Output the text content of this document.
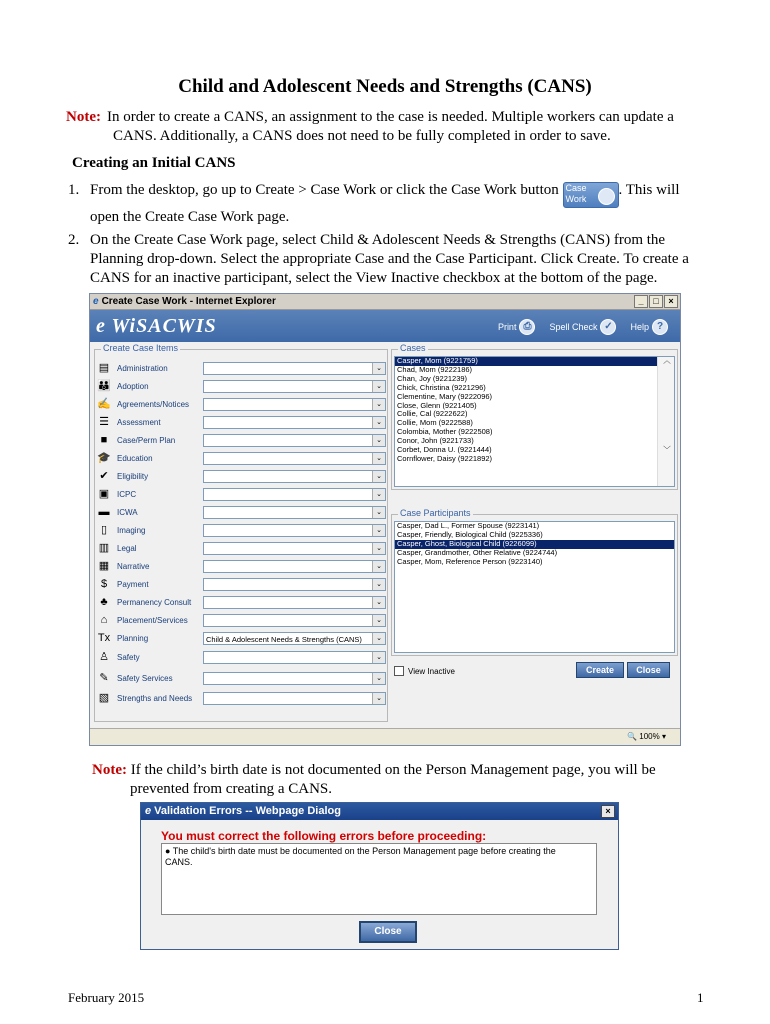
Child and Adolescent Needs and Strengths (CANS)
Note: In order to create a CANS, an assignment to the case is needed. Multiple workers can update a
CANS. Additionally, a CANS does not need to be fully completed in order to save.
Creating an Initial CANS
1. From the desktop, go up to Create > Case Work or click the Case Work button Case
Work
. This will
open the Create Case Work page.
2. On the Create Case Work page, select Child & Adolescent Needs & Strengths (CANS) from the
Planning drop-down. Select the appropriate Case and the Case Participant. Click Create. To create a
CANS for an inactive participant, select the View Inactive checkbox at the bottom of the page.
e Create Case Work - Internet Explorer	_	□	×
e WiSACWIS	Print ⎙	Spell Check ✓	Help ?
Create Case Items
▤ Administration	⌄
👪 Adoption	⌄
✍ Agreements/Notices	⌄
☰ Assessment	⌄
■	Case/Perm Plan	⌄
🎓 Education	⌄
✔ Eligibility	⌄
▣ ICPC	⌄
▬ ICWA	⌄
▯	Imaging	⌄
▥ Legal	⌄
▦ Narrative	⌄
$	Payment	⌄
♣	Permanency Consult	⌄
⌂	Placement/Services	⌄
Tx Planning	Child & Adolescent Needs & Strengths (CANS)	⌄
♙ Safety	⌄
✎ Safety Services	⌄
▧ Strengths and Needs	⌄
Cases
︿

﹀
Casper, Mom (9221759)
Chad, Mom (9222186)
Chan, Joy (9221239)
Chick, Christina (9221296)
Clementine, Mary (9222096)
Close, Glenn (9221405)
Collie, Cal (9222622)
Collie, Mom (9222588)
Colombia, Mother (9222508)
Conor, John (9221733)
Corbet, Donna U. (9221444)
Cornflower, Daisy (9221892)
Case Participants
Casper, Dad L., Former Spouse (9223141)
Casper, Friendly, Biological Child (9225336)
Casper, Ghost, Biological Child (9226099)
Casper, Grandmother, Other Relative (9224744)
Casper, Mom, Reference Person (9223140)
View Inactive	Create	Close
🔍 100% ▾
Note: If the child’s birth date is not documented on the Person Management page, you will be
prevented from creating a CANS.
e Validation Errors -- Webpage Dialog	×
You must correct the following errors before proceeding:
● The child's birth date must be documented on the Person Management page before creating the
CANS.
Close
February 2015	1
